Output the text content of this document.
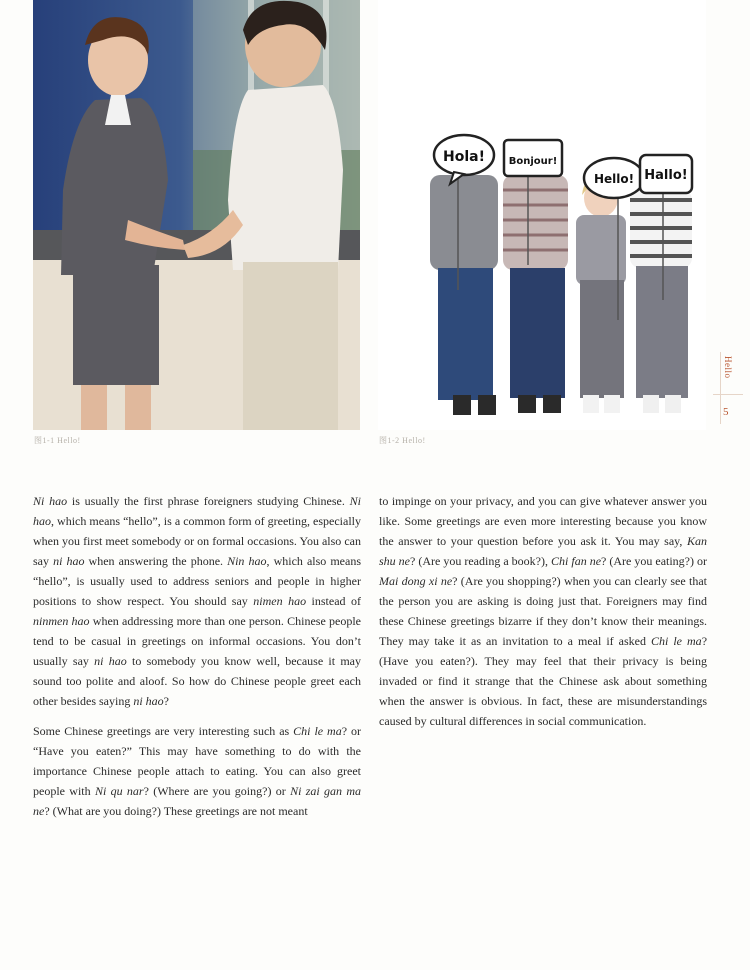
图1-1 Hello!
Hola! Bonjour!
Hello! Hallo!
图1-2 Hello!
Hello
5

Ni hao is usually the first phrase foreigners studying Chinese. Ni hao, which means “hello”, is a common form of greeting, especially when you first meet somebody or on formal occasions. You also can say ni hao when answering the phone. Nin hao, which also means “hello”, is usually used to address seniors and people in higher positions to show respect. You should say nimen hao instead of ninmen hao when addressing more than one person. Chinese people tend to be casual in greetings on informal occasions. You don’t usually say ni hao to somebody you know well, because it may sound too polite and aloof. So how do Chinese people greet each other besides saying ni hao?

Some Chinese greetings are very interesting such as Chi le ma? or “Have you eaten?” This may have something to do with the importance Chinese people attach to eating. You can also greet people with Ni qu nar? (Where are you going?) or Ni zai gan ma ne? (What are you doing?) These greetings are not meant

to impinge on your privacy, and you can give whatever answer you like. Some greetings are even more interesting because you know the answer to your question before you ask it. You may say, Kan shu ne? (Are you reading a book?), Chi fan ne? (Are you eating?) or Mai dong xi ne? (Are you shopping?) when you can clearly see that the person you are asking is doing just that. Foreigners may find these Chinese greetings bizarre if they don’t know their meanings. They may take it as an invitation to a meal if asked Chi le ma? (Have you eaten?). They may feel that their privacy is being invaded or find it strange that the Chinese ask about something when the answer is obvious. In fact, these are misunderstandings caused by cultural differences in social communication.
